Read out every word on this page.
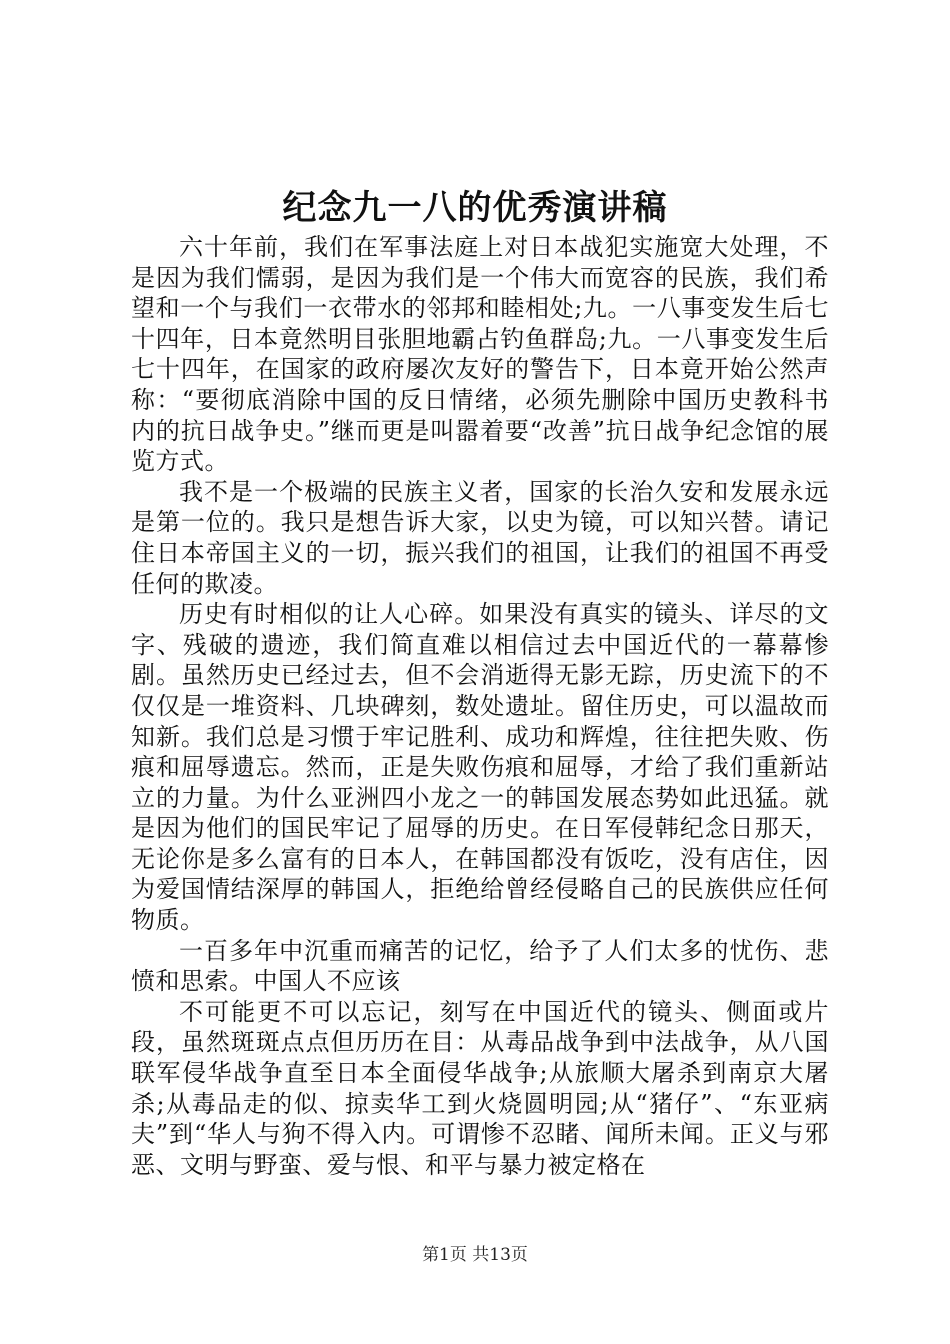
纪念九一八的优秀演讲稿

六十年前，我们在军事法庭上对日本战犯实施宽大处理，不是因为我们懦弱，是因为我们是一个伟大而宽容的民族，我们希望和一个与我们一衣带水的邻邦和睦相处;九。一八事变发生后七十四年，日本竟然明目张胆地霸占钓鱼群岛;九。一八事变发生后七十四年，在国家的政府屡次友好的警告下，日本竟开始公然声称：“要彻底消除中国的反日情绪，必须先删除中国历史教科书内的抗日战争史。”继而更是叫嚣着要“改善”抗日战争纪念馆的展览方式。

我不是一个极端的民族主义者，国家的长治久安和发展永远是第一位的。我只是想告诉大家，以史为镜，可以知兴替。请记住日本帝国主义的一切，振兴我们的祖国，让我们的祖国不再受任何的欺凌。

历史有时相似的让人心碎。如果没有真实的镜头、详尽的文字、残破的遗迹，我们简直难以相信过去中国近代的一幕幕惨剧。虽然历史已经过去，但不会消逝得无影无踪，历史流下的不仅仅是一堆资料、几块碑刻，数处遗址。留住历史，可以温故而知新。我们总是习惯于牢记胜利、成功和辉煌，往往把失败、伤痕和屈辱遗忘。然而，正是失败伤痕和屈辱，才给了我们重新站立的力量。为什么亚洲四小龙之一的韩国发展态势如此迅猛。就是因为他们的国民牢记了屈辱的历史。在日军侵韩纪念日那天，无论你是多么富有的日本人，在韩国都没有饭吃，没有店住，因为爱国情结深厚的韩国人，拒绝给曾经侵略自己的民族供应任何物质。

一百多年中沉重而痛苦的记忆，给予了人们太多的忧伤、悲愤和思索。中国人不应该

不可能更不可以忘记，刻写在中国近代的镜头、侧面或片段，虽然斑斑点点但历历在目：从毒品战争到中法战争，从八国联军侵华战争直至日本全面侵华战争;从旅顺大屠杀到南京大屠杀;从毒品走的似、掠卖华工到火烧圆明园;从“猪仔”、“东亚病夫”到“华人与狗不得入内。可谓惨不忍睹、闻所未闻。正义与邪恶、文明与野蛮、爱与恨、和平与暴力被定格在

第1页 共13页
